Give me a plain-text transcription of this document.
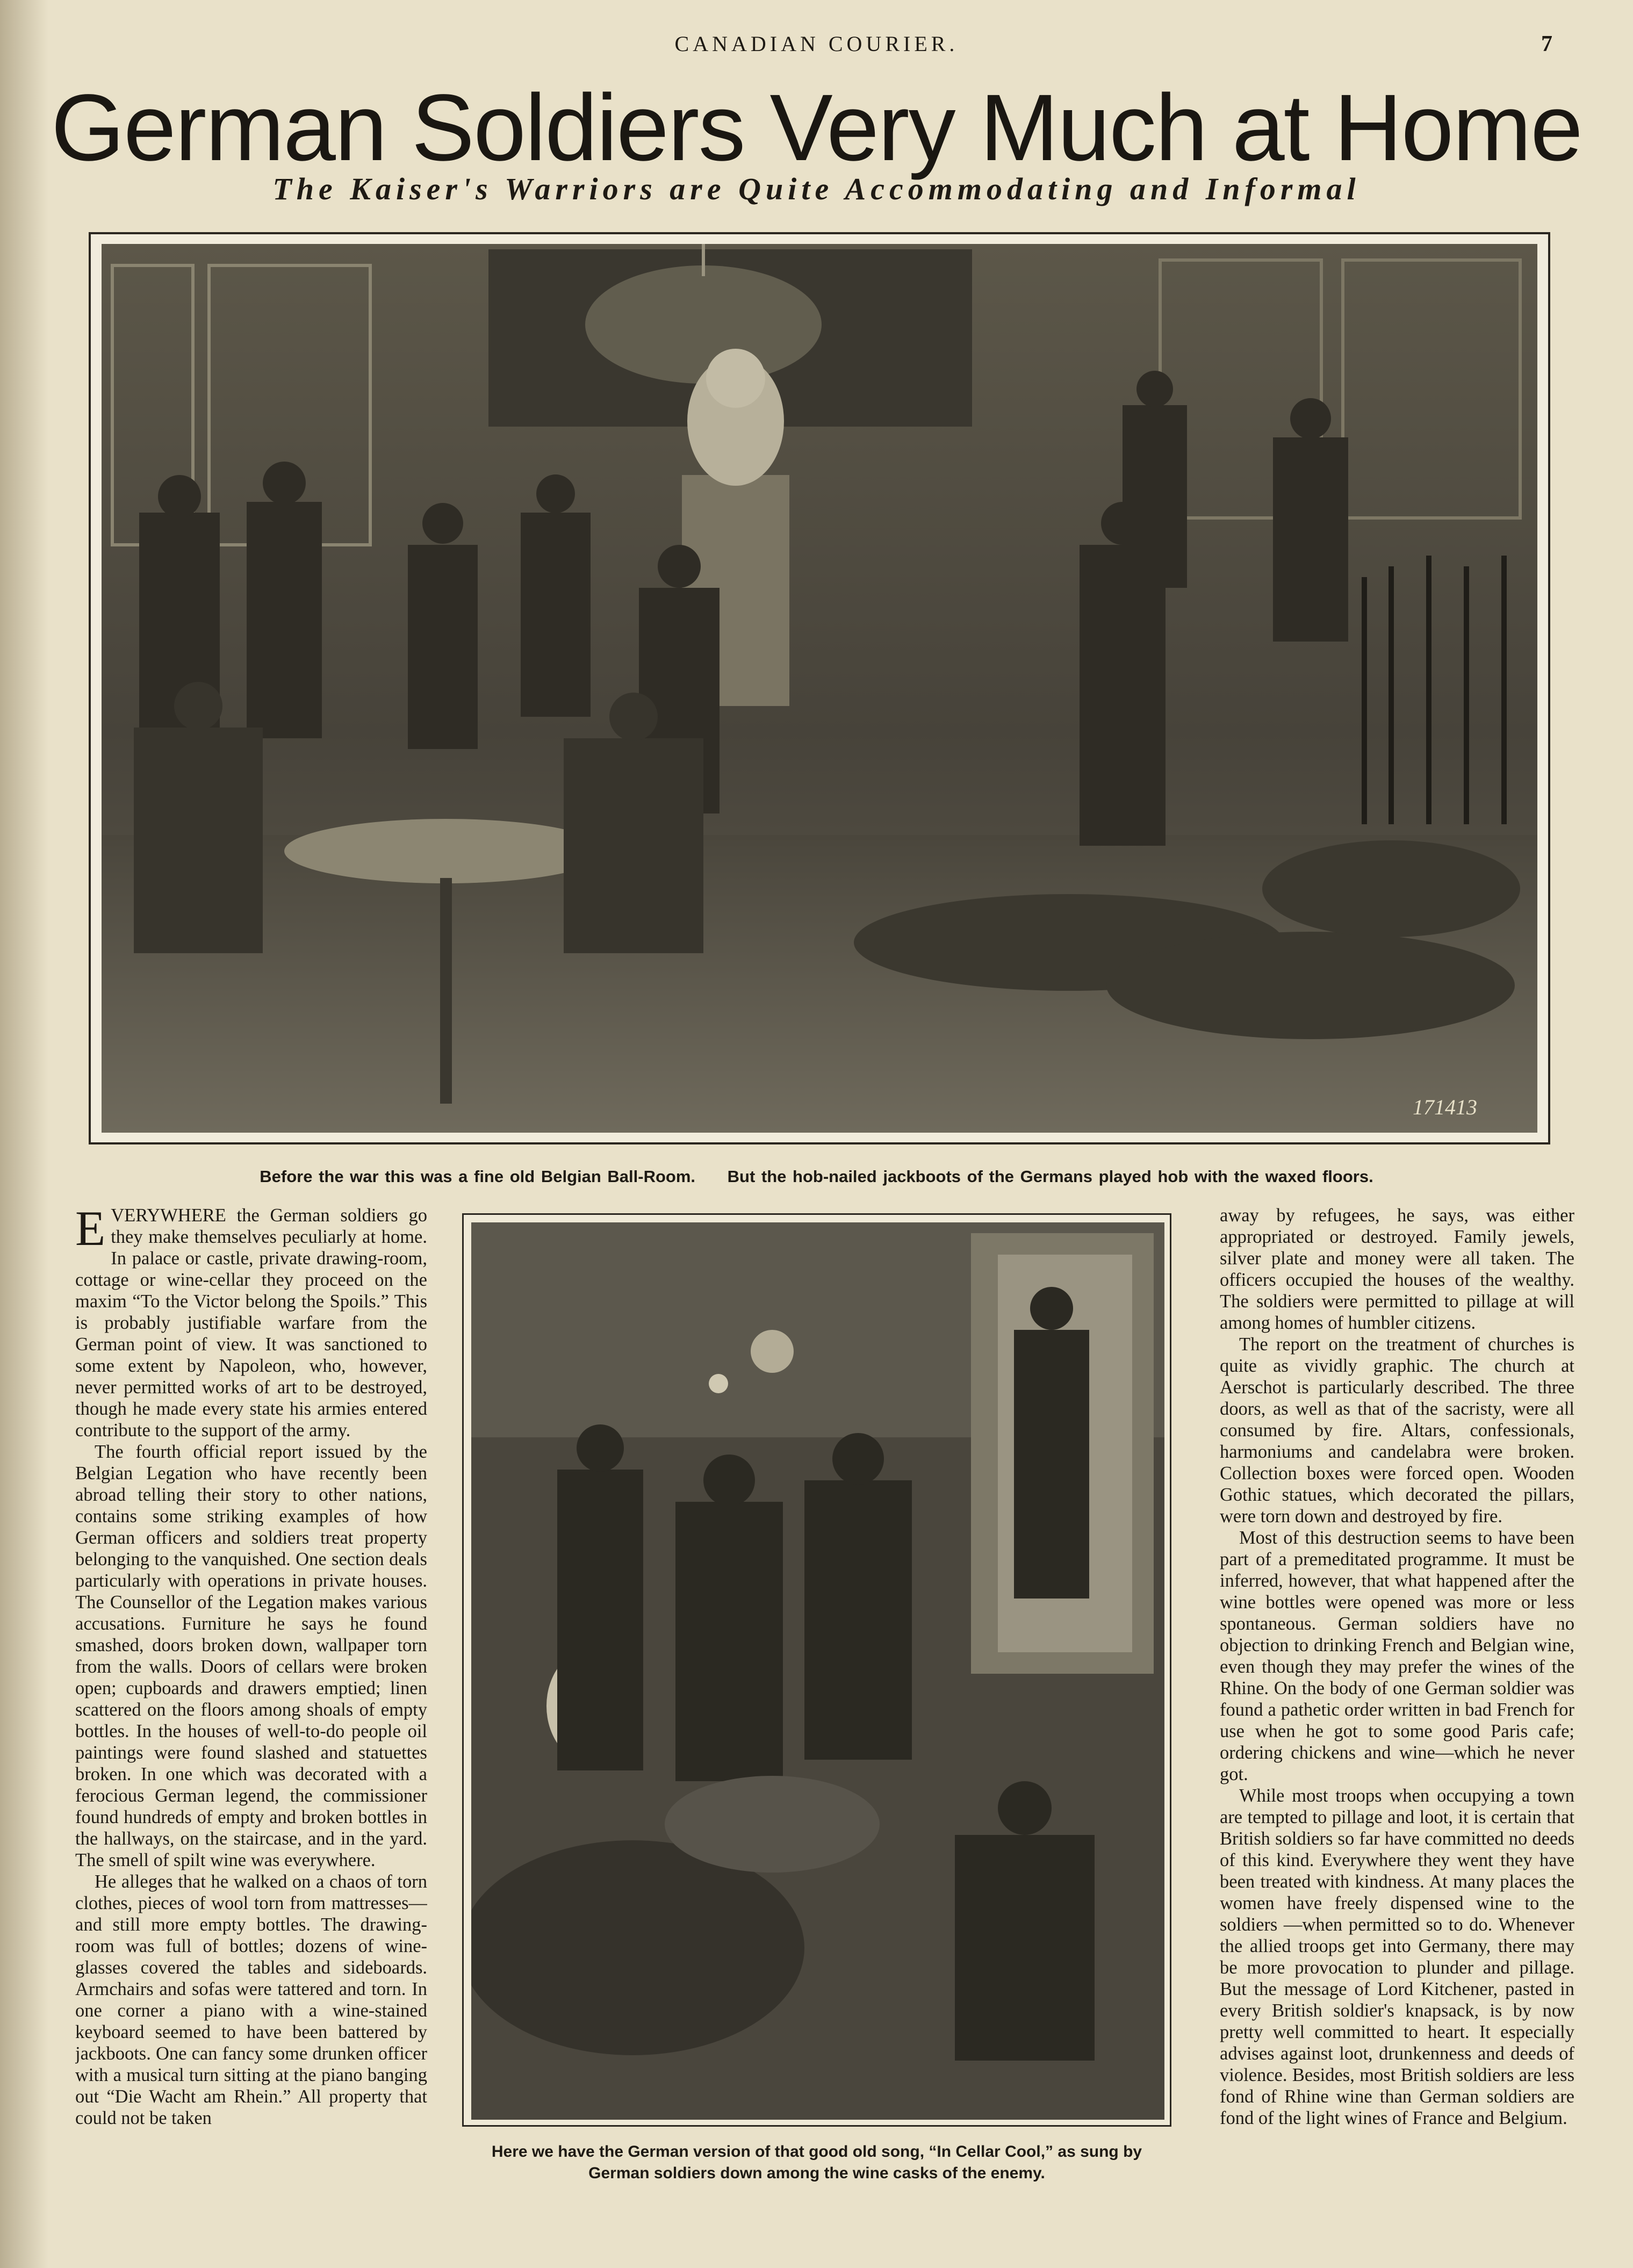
CANADIAN COURIER.	7
German Soldiers Very Much at Home
The Kaiser's Warriors are Quite Accommodating and Informal
171413
Before the war this was a fine old Belgian Ball-Room. But the hob-nailed jackboots of the Germans played hob with the waxed floors.

EVERYWHERE the German soldiers go they make themselves peculiarly at home. In palace or castle, private drawing-room, cottage or wine-cellar they proceed on the maxim “To the Victor belong the Spoils.” This is probably justifiable warfare from the German point of view. It was sanctioned to some extent by Napoleon, who, however, never permitted works of art to be destroyed, though he made every state his armies entered contribute to the support of the army.

The fourth official report issued by the Belgian Legation who have recently been abroad telling their story to other nations, contains some striking examples of how German officers and soldiers treat property belonging to the vanquished. One section deals particularly with operations in private houses. The Counsellor of the Legation makes various accusations. Furniture he says he found smashed, doors broken down, wallpaper torn from the walls. Doors of cellars were broken open; cupboards and drawers emptied; linen scattered on the floors among shoals of empty bottles. In the houses of well-to-do people oil paintings were found slashed and statuettes broken. In one which was decorated with a ferocious German legend, the commissioner found hundreds of empty and broken bottles in the hallways, on the staircase, and in the yard. The smell of spilt wine was everywhere.

He alleges that he walked on a chaos of torn clothes, pieces of wool torn from mattresses—and still more empty bottles. The drawing-room was full of bottles; dozens of wine-glasses covered the tables and sideboards. Armchairs and sofas were tattered and torn. In one corner a piano with a wine-stained keyboard seemed to have been battered by jackboots. One can fancy some drunken officer with a musical turn sitting at the piano banging out “Die Wacht am Rhein.” All property that could not be taken

Here we have the German version of that good old song, “In Cellar Cool,” as sung by German soldiers down among the wine casks of the enemy.

away by refugees, he says, was either appropriated or destroyed. Family jewels, silver plate and money were all taken. The officers occupied the houses of the wealthy. The soldiers were permitted to pillage at will among homes of humbler citizens.

The report on the treatment of churches is quite as vividly graphic. The church at Aerschot is particularly described. The three doors, as well as that of the sacristy, were all consumed by fire. Altars, confessionals, harmoniums and candelabra were broken. Collection boxes were forced open. Wooden Gothic statues, which decorated the pillars, were torn down and destroyed by fire.

Most of this destruction seems to have been part of a premeditated programme. It must be inferred, however, that what happened after the wine bottles were opened was more or less spontaneous. German soldiers have no objection to drinking French and Belgian wine, even though they may prefer the wines of the Rhine. On the body of one German soldier was found a pathetic order written in bad French for use when he got to some good Paris cafe; ordering chickens and wine—which he never got.

While most troops when occupying a town are tempted to pillage and loot, it is certain that British soldiers so far have committed no deeds of this kind. Everywhere they went they have been treated with kindness. At many places the women have freely dispensed wine to the soldiers —when permitted so to do. Whenever the allied troops get into Germany, there may be more provocation to plunder and pillage. But the message of Lord Kitchener, pasted in every British soldier's knapsack, is by now pretty well committed to heart. It especially advises against loot, drunkenness and deeds of violence. Besides, most British soldiers are less fond of Rhine wine than German soldiers are fond of the light wines of France and Belgium.
